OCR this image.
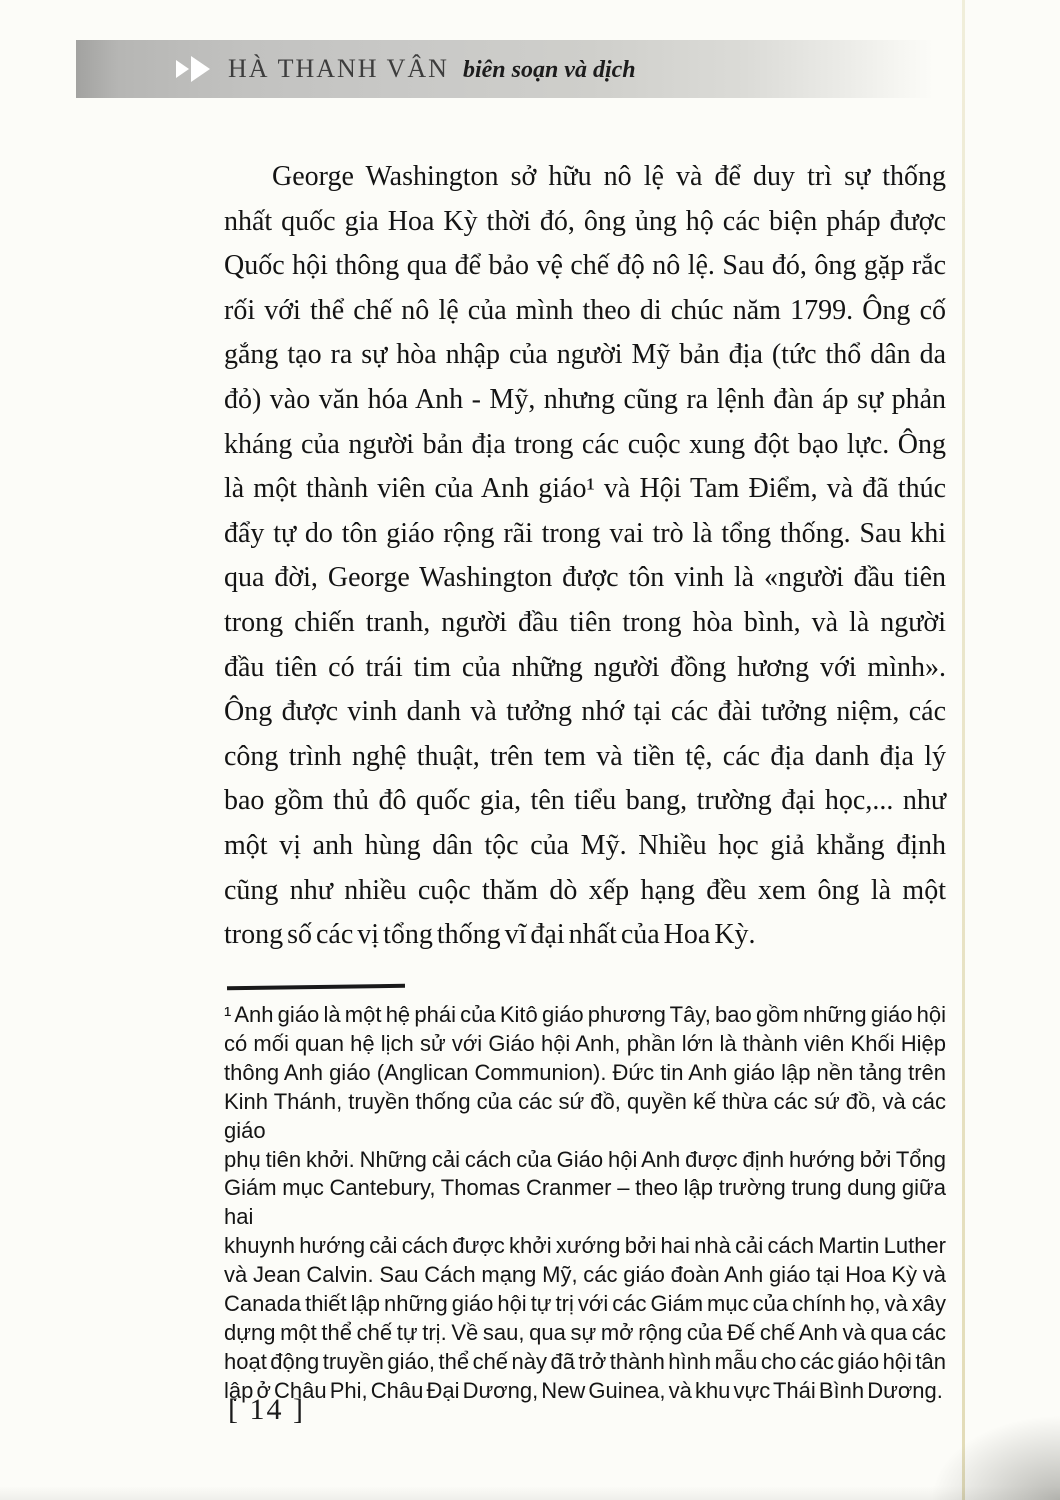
HÀ THANH VÂN biên soạn và dịch
George Washington sở hữu nô lệ và để duy trì sự thống
nhất quốc gia Hoa Kỳ thời đó, ông ủng hộ các biện pháp được
Quốc hội thông qua để bảo vệ chế độ nô lệ. Sau đó, ông gặp rắc
rối với thể chế nô lệ của mình theo di chúc năm 1799. Ông cố
gắng tạo ra sự hòa nhập của người Mỹ bản địa (tức thổ dân da
đỏ) vào văn hóa Anh - Mỹ, nhưng cũng ra lệnh đàn áp sự phản
kháng của người bản địa trong các cuộc xung đột bạo lực. Ông
là một thành viên của Anh giáo¹ và Hội Tam Điểm, và đã thúc
đẩy tự do tôn giáo rộng rãi trong vai trò là tổng thống. Sau khi
qua đời, George Washington được tôn vinh là «người đầu tiên
trong chiến tranh, người đầu tiên trong hòa bình, và là người
đầu tiên có trái tim của những người đồng hương với mình».
Ông được vinh danh và tưởng nhớ tại các đài tưởng niệm, các
công trình nghệ thuật, trên tem và tiền tệ, các địa danh địa lý
bao gồm thủ đô quốc gia, tên tiểu bang, trường đại học,... như
một vị anh hùng dân tộc của Mỹ. Nhiều học giả khẳng định
cũng như nhiều cuộc thăm dò xếp hạng đều xem ông là một
trong số các vị tổng thống vĩ đại nhất của Hoa Kỳ.
¹ Anh giáo là một hệ phái của Kitô giáo phương Tây, bao gồm những giáo hội
có mối quan hệ lịch sử với Giáo hội Anh, phần lớn là thành viên Khối Hiệp
thông Anh giáo (Anglican Communion). Đức tin Anh giáo lập nền tảng trên
Kinh Thánh, truyền thống của các sứ đồ, quyền kế thừa các sứ đồ, và các giáo
phụ tiên khởi. Những cải cách của Giáo hội Anh được định hướng bởi Tổng
Giám mục Cantebury, Thomas Cranmer – theo lập trường trung dung giữa hai
khuynh hướng cải cách được khởi xướng bởi hai nhà cải cách Martin Luther
và Jean Calvin. Sau Cách mạng Mỹ, các giáo đoàn Anh giáo tại Hoa Kỳ và
Canada thiết lập những giáo hội tự trị với các Giám mục của chính họ, và xây
dựng một thể chế tự trị. Về sau, qua sự mở rộng của Đế chế Anh và qua các
hoạt động truyền giáo, thể chế này đã trở thành hình mẫu cho các giáo hội tân
lập ở Châu Phi, Châu Đại Dương, New Guinea, và khu vực Thái Bình Dương.
[ 14 ]
